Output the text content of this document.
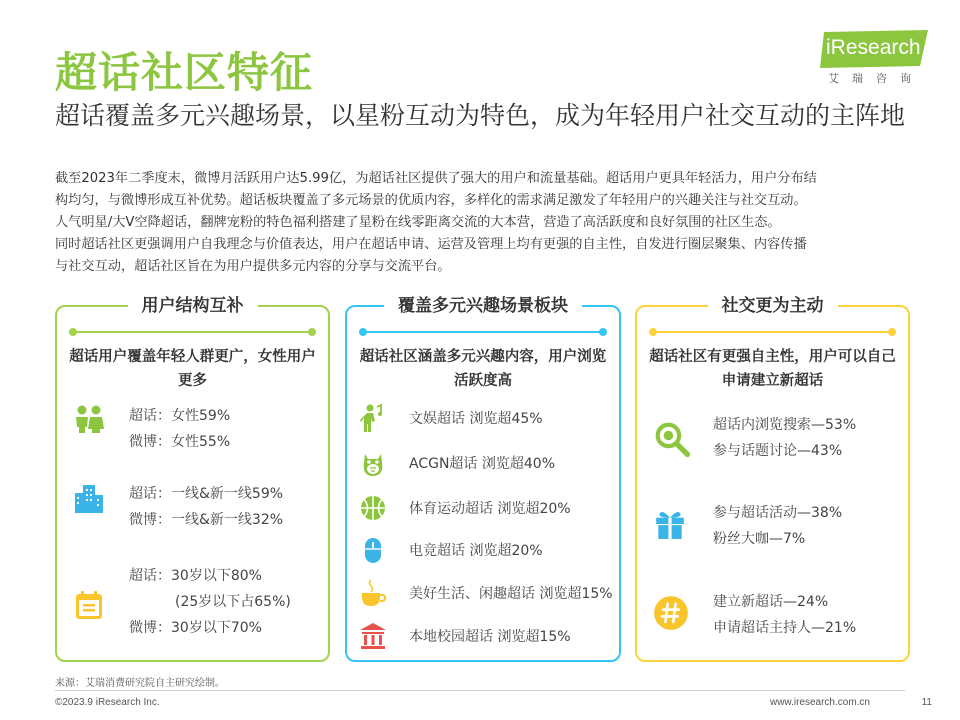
超话社区特征
iResearch
艾瑞咨询
超话覆盖多元兴趣场景，以星粉互动为特色，成为年轻用户社交互动的主阵地

截至2023年二季度末，微博月活跃用户达5.99亿，为超话社区提供了强大的用户和流量基础。超话用户更具年轻活力，用户分布结

构均匀，与微博形成互补优势。超话板块覆盖了多元场景的优质内容，多样化的需求满足激发了年轻用户的兴趣关注与社交互动。

人气明星/大V空降超话，翻牌宠粉的特色福利搭建了星粉在线零距离交流的大本营，营造了高活跃度和良好氛围的社区生态。

同时超话社区更强调用户自我理念与价值表达，用户在超话申请、运营及管理上均有更强的自主性，自发进行圈层聚集、内容传播

与社交互动，超话社区旨在为用户提供多元内容的分享与交流平台。

用户结构互补
超话用户覆盖年轻人群更广，女性用户更多
超话：女性59%
微博：女性55%
超话：一线&新一线59%
微博：一线&新一线32%
超话：30岁以下80%
(25岁以下占65%)
微博：30岁以下70%
覆盖多元兴趣场景板块
超话社区涵盖多元兴趣内容，用户浏览活跃度高
文娱超话 浏览超45%
ACGN超话 浏览超40%
体育运动超话 浏览超20%
电竞超话 浏览超20%
美好生活、闲趣超话 浏览超15%
本地校园超话 浏览超15%
社交更为主动
超话社区有更强自主性，用户可以自己申请建立新超话
超话内浏览搜索—53%
参与话题讨论—43%
参与超话活动—38%
粉丝大咖—7%
建立新超话—24%
申请超话主持人—21%
来源：艾瑞消费研究院自主研究绘制。
©2023.9 iResearch Inc.	www.iresearch.com.cn	11
